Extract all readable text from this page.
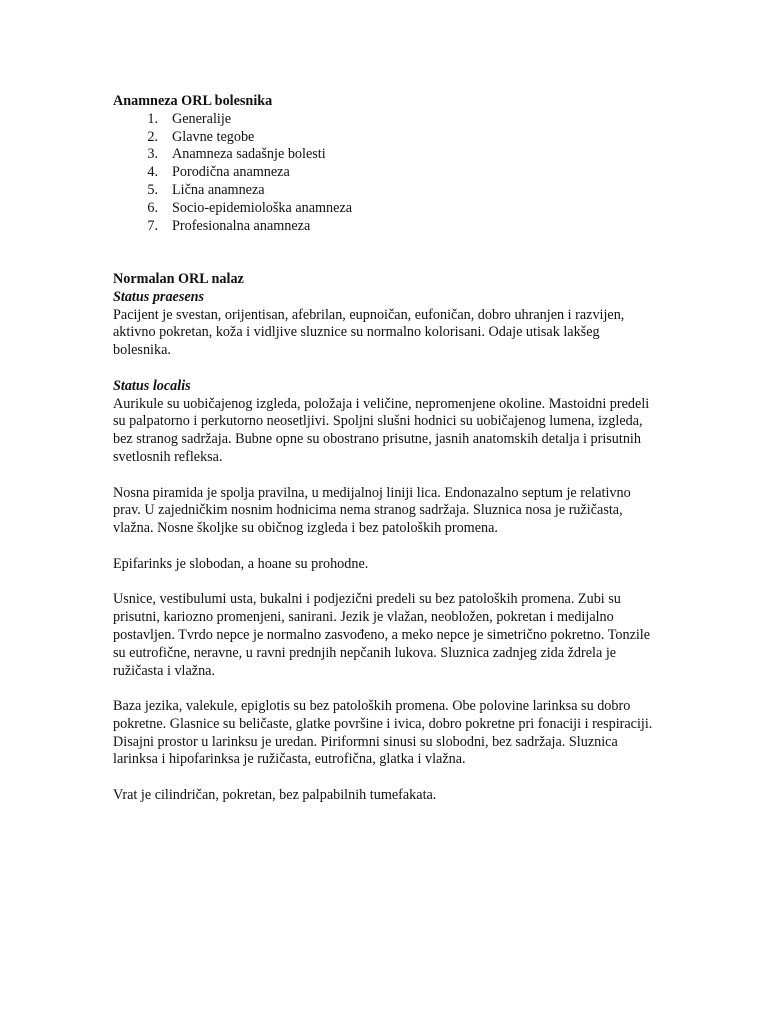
Anamneza ORL bolesnika

1. Generalije
2. Glavne tegobe
3. Anamneza sadašnje bolesti
4. Porodična anamneza
5. Lična anamneza
6. Socio-epidemiološka anamneza
7. Profesionalna anamneza

Normalan ORL nalaz

Status praesens

Pacijent je svestan, orijentisan, afebrilan, eupnoičan, eufoničan, dobro uhranjen i razvijen, aktivno pokretan, koža i vidljive sluznice su normalno kolorisani. Odaje utisak lakšeg bolesnika.

Status localis

Aurikule su uobičajenog izgleda, položaja i veličine, nepromenjene okoline. Mastoidni predeli su palpatorno i perkutorno neosetljivi. Spoljni slušni hodnici su uobičajenog lumena, izgleda, bez stranog sadržaja. Bubne opne su obostrano prisutne, jasnih anatomskih detalja i prisutnih svetlosnih refleksa.

Nosna piramida je spolja pravilna, u medijalnoj liniji lica. Endonazalno septum je relativno prav. U zajedničkim nosnim hodnicima nema stranog sadržaja. Sluznica nosa je ružičasta, vlažna. Nosne školjke su običnog izgleda i bez patoloških promena.

Epifarinks je slobodan, a hoane su prohodne.

Usnice, vestibulumi usta, bukalni i podjezični predeli su bez patoloških promena. Zubi su prisutni, kariozno promenjeni, sanirani. Jezik je vlažan, neobložen, pokretan i medijalno postavljen. Tvrdo nepce je normalno zasvođeno, a meko nepce je simetrično pokretno. Tonzile su eutrofične, neravne, u ravni prednjih nepčanih lukova. Sluznica zadnjeg zida ždrela je ružičasta i vlažna.

Baza jezika, valekule, epiglotis su bez patoloških promena. Obe polovine larinksa su dobro pokretne. Glasnice su beličaste, glatke površine i ivica, dobro pokretne pri fonaciji i respiraciji. Disajni prostor u larinksu je uredan. Piriformni sinusi su slobodni, bez sadržaja. Sluznica larinksa i hipofarinksa je ružičasta, eutrofična, glatka i vlažna.

Vrat je cilindričan, pokretan, bez palpabilnih tumefakata.
